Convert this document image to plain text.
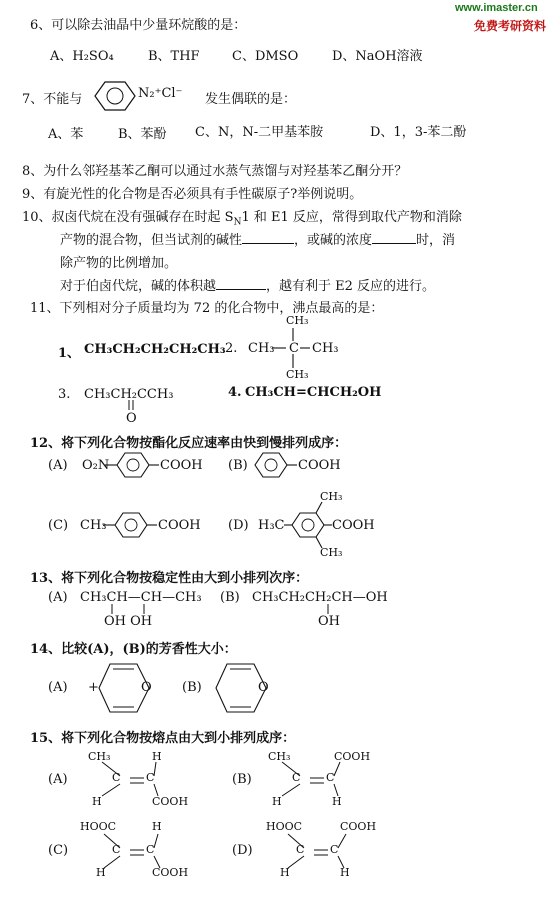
www.imaster.cn
免费考研资料
6、可以除去油晶中少量环烷酸的是：
A、H₂SO₄	B、THF C、DMSO	D、NaOH溶液
7、不能与	N₂⁺Cl⁻ 发生偶联的是：
A、苯	B、苯酚 C、N，N-二甲基苯胺	D、1，3-苯二酚
8、为什么邻羟基苯乙酮可以通过水蒸气蒸馏与对羟基苯乙酮分开？
9、有旋光性的化合物是否必须具有手性碳原子?举例说明。
10、叔卤代烷在没有强碱存在时起 $S_N1$ 和 E1 反应，常得到取代产物和消除
产物的混合物，但当试剂的碱性	，或碱的浓度	时，消
除产物的比例增加。
对于伯卤代烷，碱的体积越	，越有利于 E2 反应的进行。
11、下列相对分子质量均为 72 的化合物中，沸点最高的是：
1、 CH₃CH₂CH₂CH₂CH₃ 2.
CH₃
CH₃ C CH₃
CH₃
3. CH₃CH₂CCH₃
O
4. CH₃CH=CHCH₂OH
12、将下列化合物按酯化反应速率由快到慢排列成序：
(A) O₂N	COOH (B)	COOH
(C) CH₃	COOH (D) H₃C
CH₃
COOH
CH₃
13、将下列化合物按稳定性由大到小排列次序：
(A) CH₃CH—CH—CH₃
OH OH
(B) CH₃CH₂CH₂CH—OH
OH
14、比较(A)，(B)的芳香性大小：
(A) +	O (B)	O
15、将下列化合物按熔点由大到小排列成序：
(A)
CH₃	H
C C
H	COOH
(B)
CH₃	COOH
C C
H	H
(C)
HOOC	H
C C
H	COOH
(D)
HOOC	COOH
C C
H	H
